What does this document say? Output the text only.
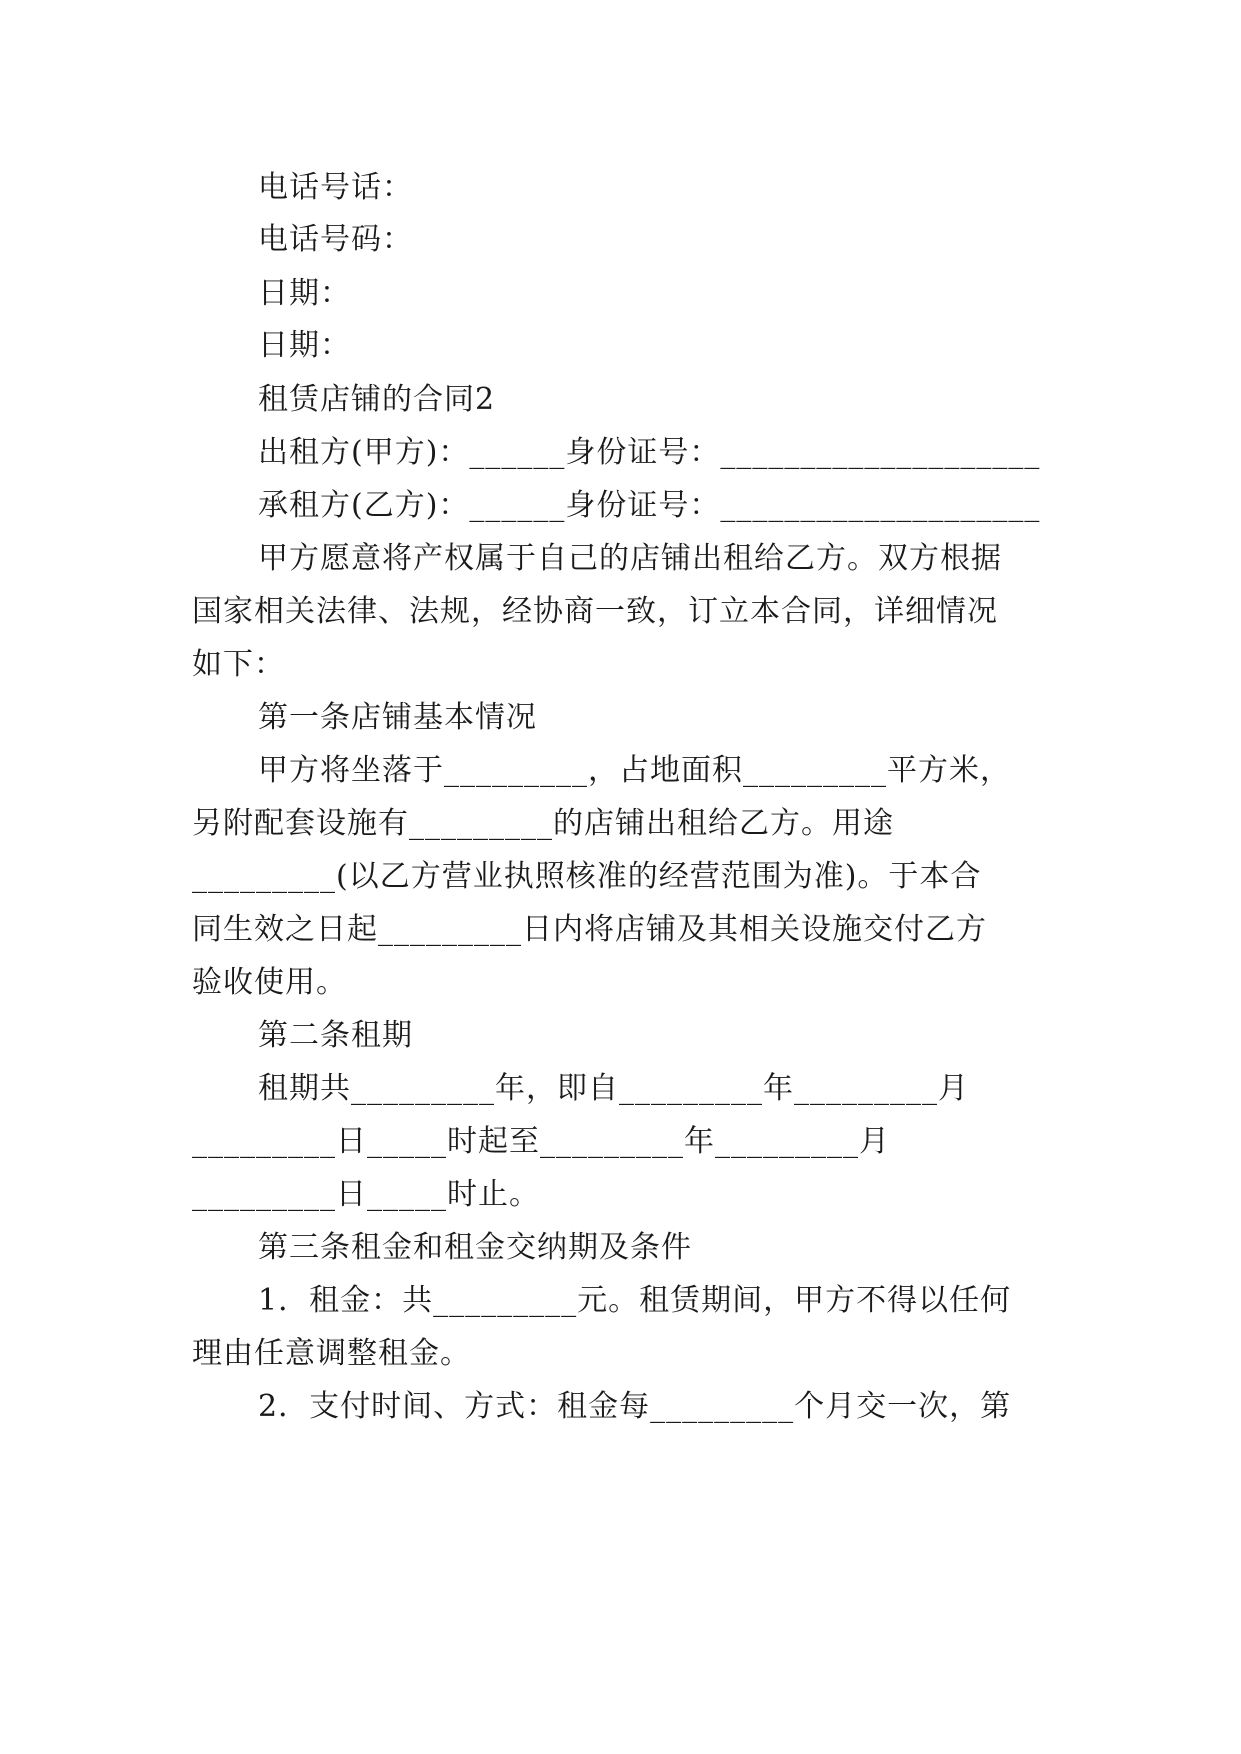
电话号话：
电话号码：
日期：
日期：
租赁店铺的合同2
出租方(甲方)：______身份证号：____________________
承租方(乙方)：______身份证号：____________________
甲方愿意将产权属于自己的店铺出租给乙方。双方根据
国家相关法律、法规，经协商一致，订立本合同，详细情况
如下：
第一条店铺基本情况
甲方将坐落于_________，占地面积_________平方米，
另附配套设施有_________的店铺出租给乙方。用途
_________(以乙方营业执照核准的经营范围为准)。于本合
同生效之日起_________日内将店铺及其相关设施交付乙方
验收使用。
第二条租期
租期共_________年，即自_________年_________月
_________日_____时起至_________年_________月
_________日_____时止。
第三条租金和租金交纳期及条件
1．租金：共_________元。租赁期间，甲方不得以任何
理由任意调整租金。
2．支付时间、方式：租金每_________个月交一次，第
